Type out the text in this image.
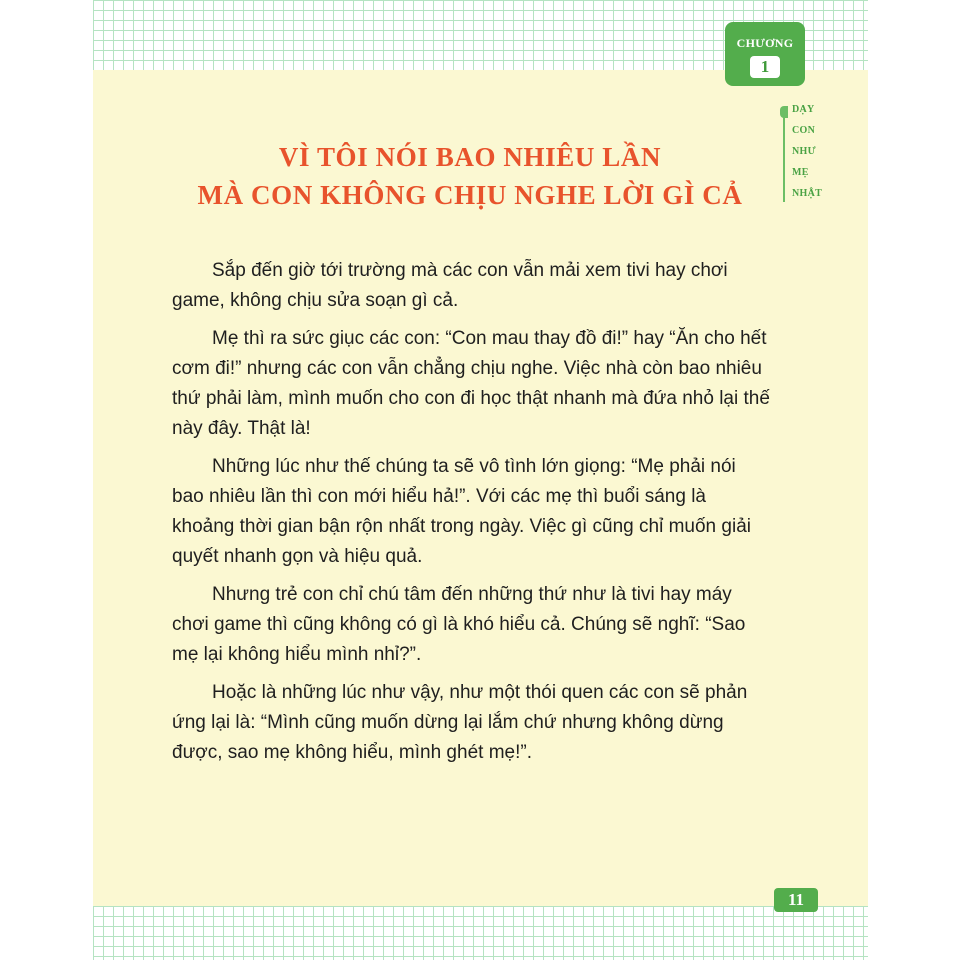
CHƯƠNG
1
DẠY
CON
NHƯ
MẸ
NHẬT
VÌ TÔI NÓI BAO NHIÊU LẦN
MÀ CON KHÔNG CHỊU NGHE LỜI GÌ CẢ

Sắp đến giờ tới trường mà các con vẫn mải xem tivi hay chơi game, không chịu sửa soạn gì cả.

Mẹ thì ra sức giục các con: “Con mau thay đồ đi!” hay “Ăn cho hết cơm đi!” nhưng các con vẫn chẳng chịu nghe. Việc nhà còn bao nhiêu thứ phải làm, mình muốn cho con đi học thật nhanh mà đứa nhỏ lại thế này đây. Thật là!

Những lúc như thế chúng ta sẽ vô tình lớn giọng: “Mẹ phải nói bao nhiêu lần thì con mới hiểu hả!”. Với các mẹ thì buổi sáng là khoảng thời gian bận rộn nhất trong ngày. Việc gì cũng chỉ muốn giải quyết nhanh gọn và hiệu quả.

Nhưng trẻ con chỉ chú tâm đến những thứ như là tivi hay máy chơi game thì cũng không có gì là khó hiểu cả. Chúng sẽ nghĩ: “Sao mẹ lại không hiểu mình nhỉ?”.

Hoặc là những lúc như vậy, như một thói quen các con sẽ phản ứng lại là: “Mình cũng muốn dừng lại lắm chứ nhưng không dừng được, sao mẹ không hiểu, mình ghét mẹ!”.

11
